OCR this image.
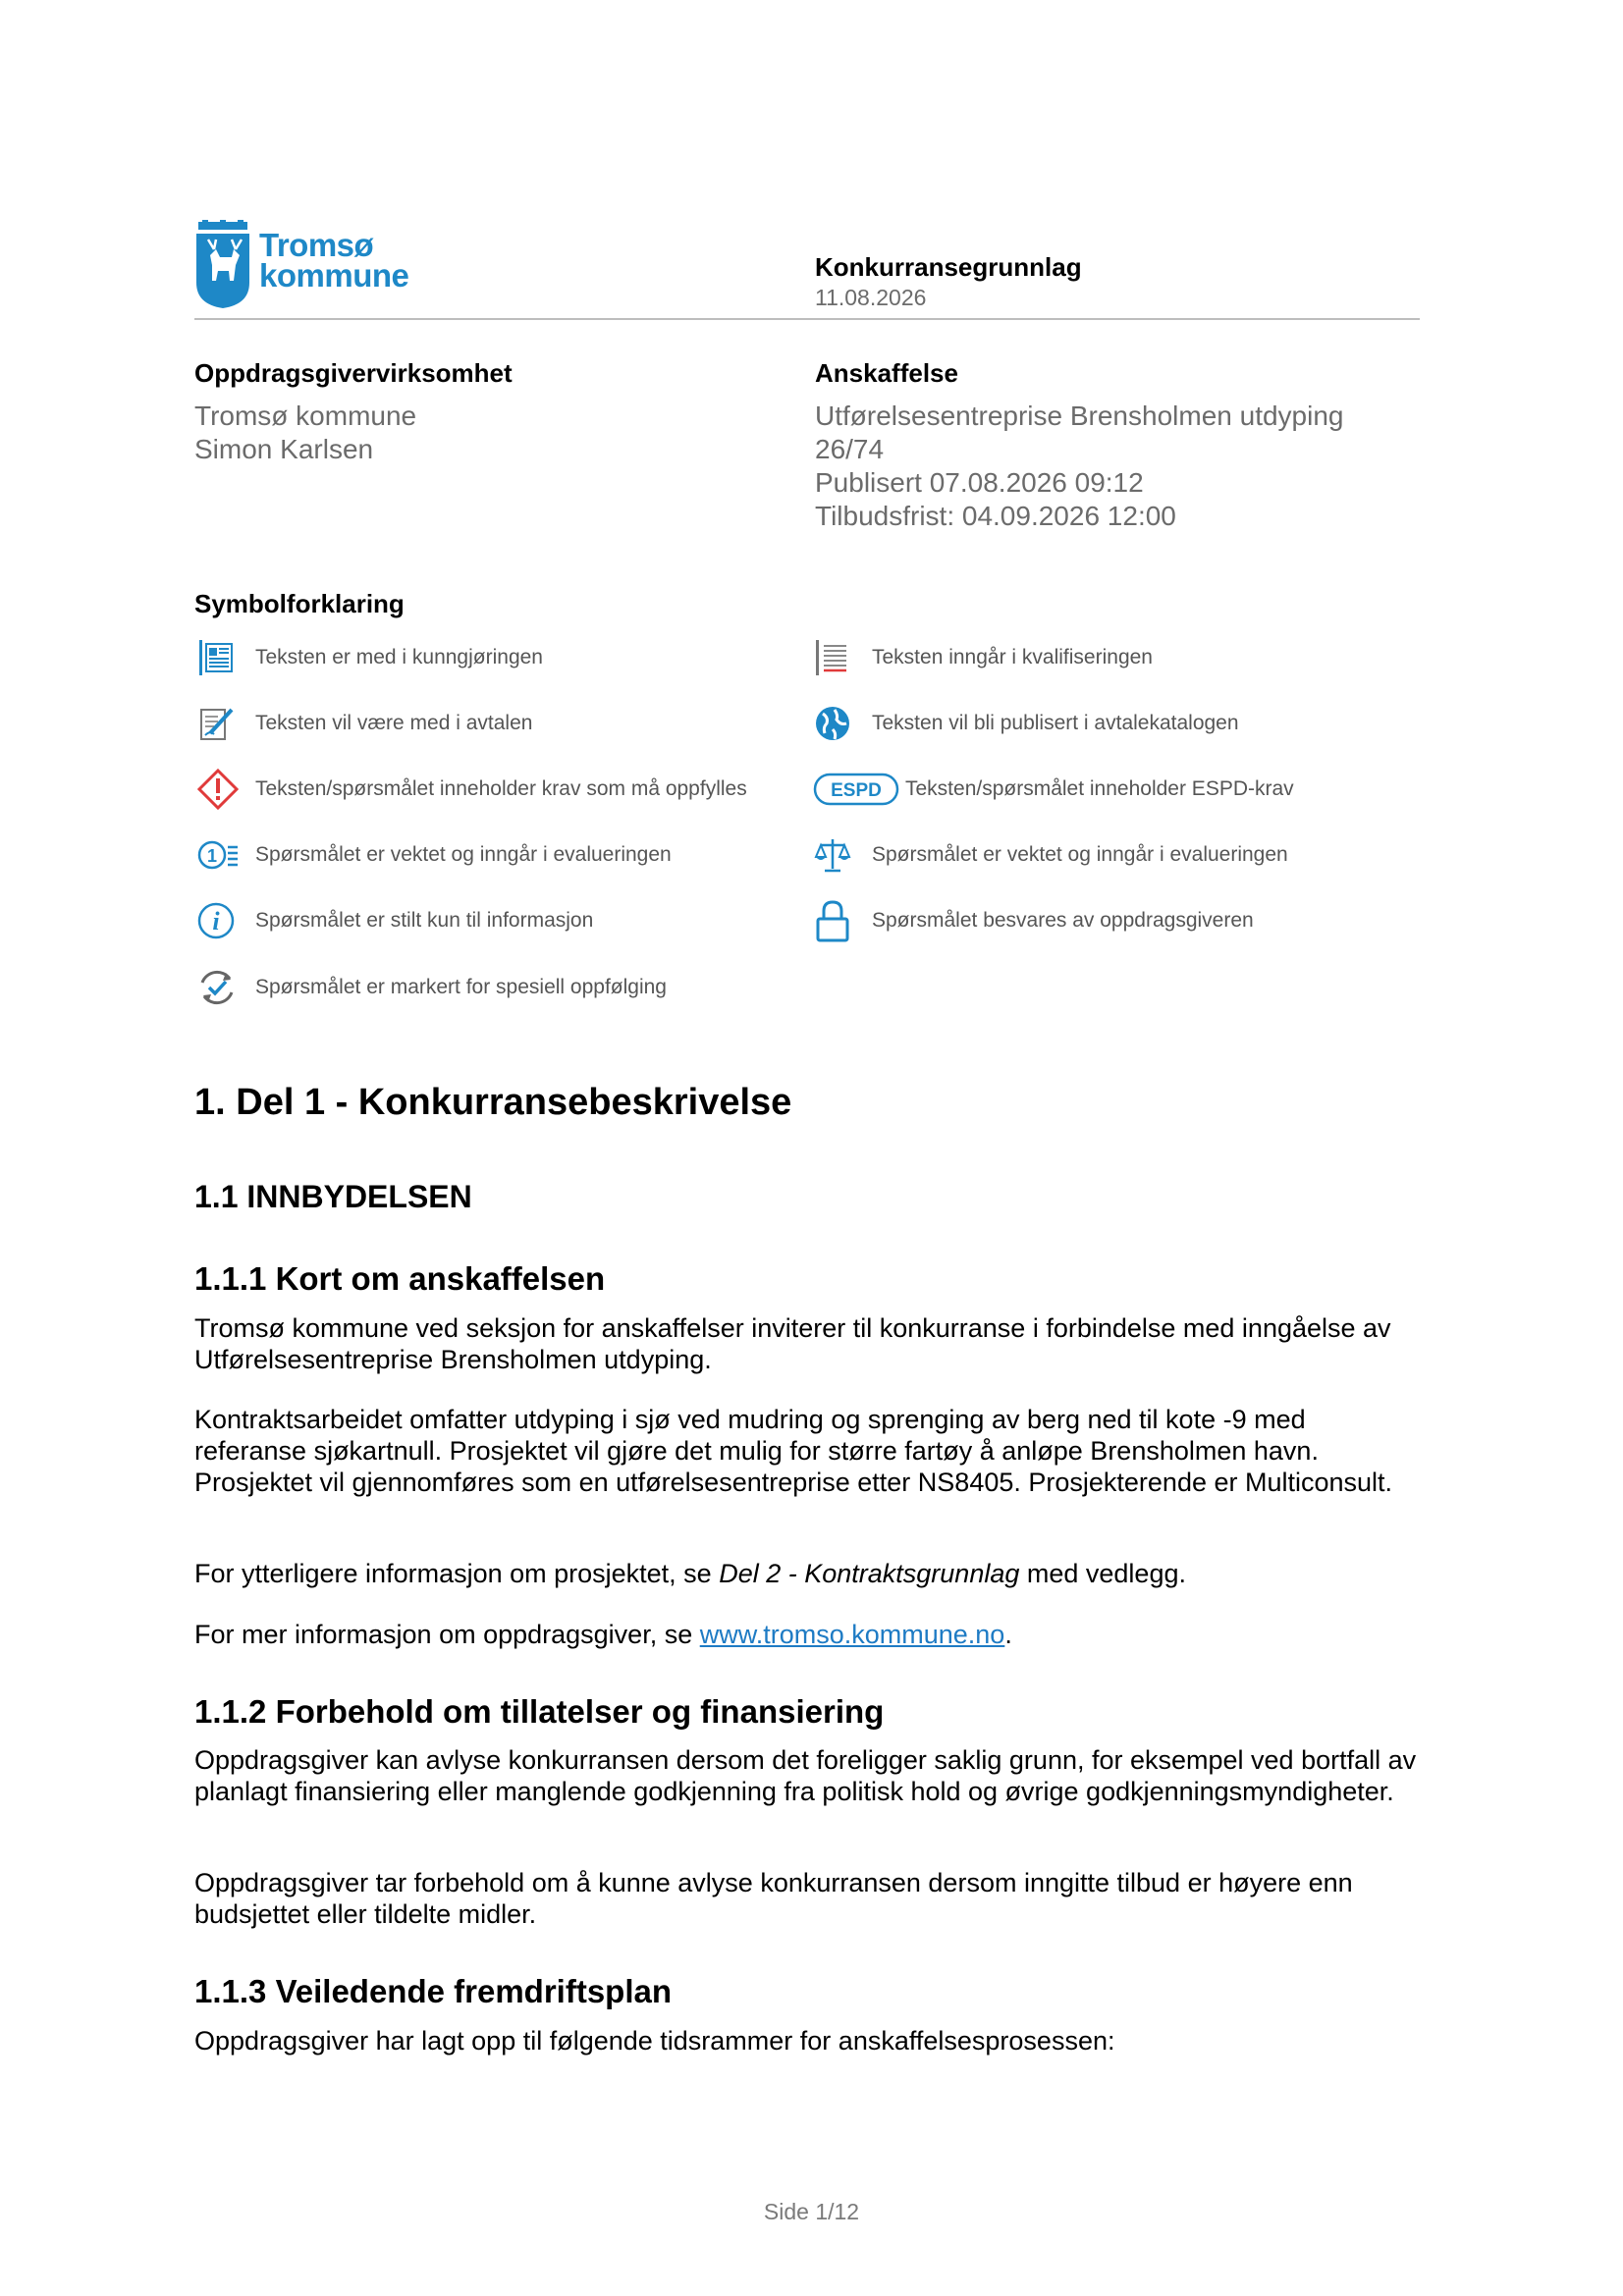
Tromsø
kommune	Konkurransegrunnlag
11.08.2026
Oppdragsgivervirksomhet
Tromsø kommune
Simon Karlsen
Anskaffelse
Utførelsesentreprise Brensholmen utdyping
26/74
Publisert 07.08.2026 09:12
Tilbudsfrist: 04.09.2026 12:00
Symbolforklaring
Teksten er med i kunngjøringen	Teksten inngår i kvalifiseringen
Teksten vil være med i avtalen	Teksten vil bli publisert i avtalekatalogen
Teksten/spørsmålet inneholder krav som må oppfylles	ESPD Teksten/spørsmålet inneholder ESPD-krav
1 Spørsmålet er vektet og inngår i evalueringen	Spørsmålet er vektet og inngår i evalueringen
i Spørsmålet er stilt kun til informasjon	Spørsmålet besvares av oppdragsgiveren
Spørsmålet er markert for spesiell oppfølging
1. Del 1 - Konkurransebeskrivelse
1.1 INNBYDELSEN
1.1.1 Kort om anskaffelsen
Tromsø kommune ved seksjon for anskaffelser inviterer til konkurranse i forbindelse med inngåelse av Utførelsesentreprise Brensholmen utdyping.
Kontraktsarbeidet omfatter utdyping i sjø ved mudring og sprenging av berg ned til kote -9 med referanse sjøkartnull. Prosjektet vil gjøre det mulig for større fartøy å anløpe Brensholmen havn. Prosjektet vil gjennomføres som en utførelsesentreprise etter NS8405. Prosjekterende er Multiconsult.
For ytterligere informasjon om prosjektet, se Del 2 - Kontraktsgrunnlag med vedlegg.
For mer informasjon om oppdragsgiver, se www.tromso.kommune.no.
1.1.2 Forbehold om tillatelser og finansiering
Oppdragsgiver kan avlyse konkurransen dersom det foreligger saklig grunn, for eksempel ved bortfall av planlagt finansiering eller manglende godkjenning fra politisk hold og øvrige godkjenningsmyndigheter.
Oppdragsgiver tar forbehold om å kunne avlyse konkurransen dersom inngitte tilbud er høyere enn budsjettet eller tildelte midler.
1.1.3 Veiledende fremdriftsplan
Oppdragsgiver har lagt opp til følgende tidsrammer for anskaffelsesprosessen:
Side 1/12
